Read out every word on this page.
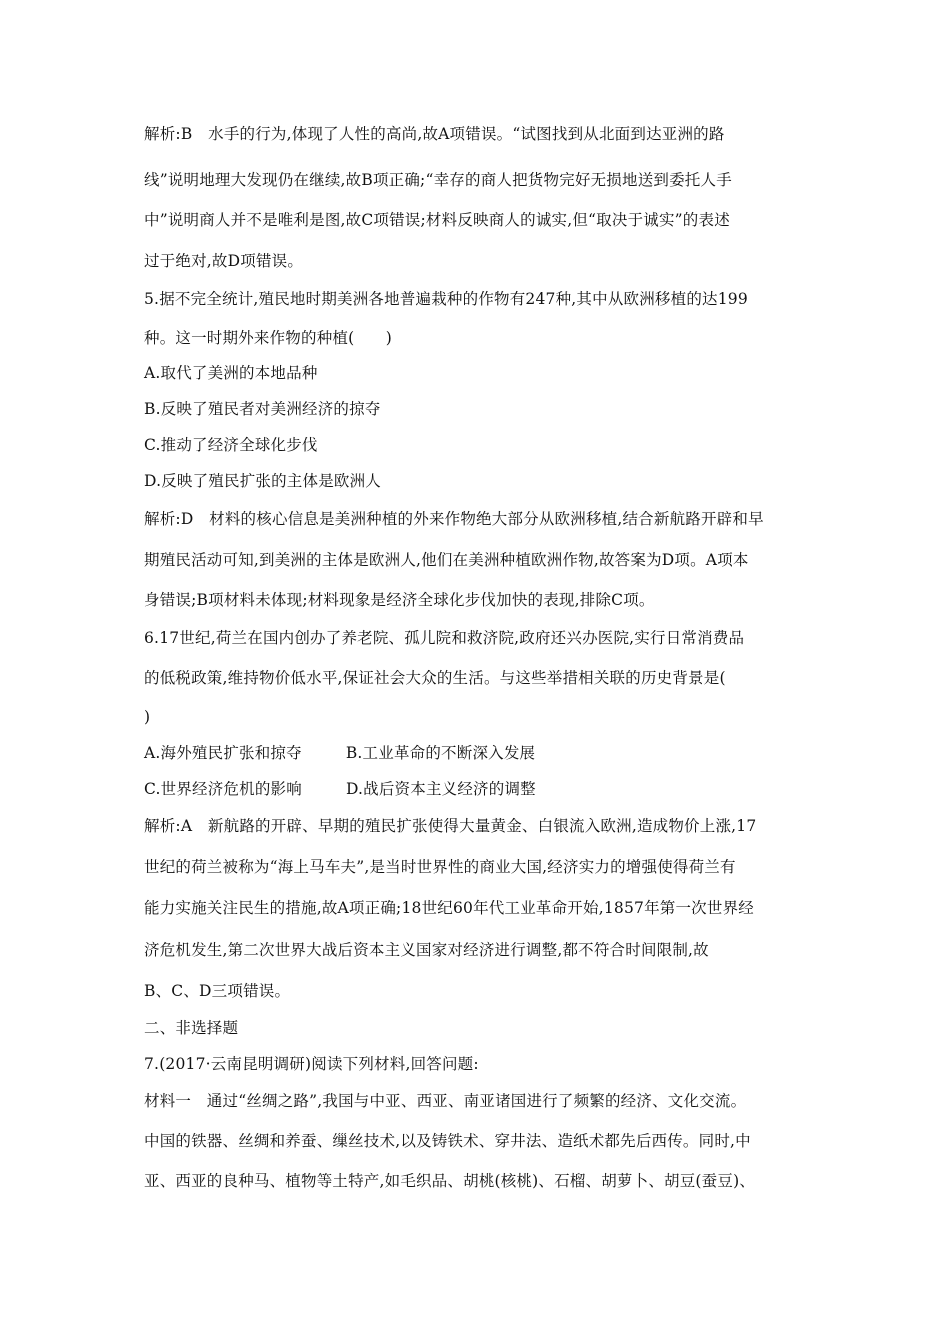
解析:B　水手的行为,体现了人性的高尚,故A项错误。“试图找到从北面到达亚洲的路
线”说明地理大发现仍在继续,故B项正确;“幸存的商人把货物完好无损地送到委托人手
中”说明商人并不是唯利是图,故C项错误;材料反映商人的诚实,但“取决于诚实”的表述
过于绝对,故D项错误。
5.据不完全统计,殖民地时期美洲各地普遍栽种的作物有247种,其中从欧洲移植的达199
种。这一时期外来作物的种植(　　)
A.取代了美洲的本地品种
B.反映了殖民者对美洲经济的掠夺
C.推动了经济全球化步伐
D.反映了殖民扩张的主体是欧洲人
解析:D　材料的核心信息是美洲种植的外来作物绝大部分从欧洲移植,结合新航路开辟和早
期殖民活动可知,到美洲的主体是欧洲人,他们在美洲种植欧洲作物,故答案为D项。A项本
身错误;B项材料未体现;材料现象是经济全球化步伐加快的表现,排除C项。
6.17世纪,荷兰在国内创办了养老院、孤儿院和救济院,政府还兴办医院,实行日常消费品
的低税政策,维持物价低水平,保证社会大众的生活。与这些举措相关联的历史背景是(
)
A.海外殖民扩张和掠夺	B.工业革命的不断深入发展
C.世界经济危机的影响	D.战后资本主义经济的调整
解析:A　新航路的开辟、早期的殖民扩张使得大量黄金、白银流入欧洲,造成物价上涨,17
世纪的荷兰被称为“海上马车夫”,是当时世界性的商业大国,经济实力的增强使得荷兰有
能力实施关注民生的措施,故A项正确;18世纪60年代工业革命开始,1857年第一次世界经
济危机发生,第二次世界大战后资本主义国家对经济进行调整,都不符合时间限制,故
B、C、D三项错误。
二、非选择题
7.(2017·云南昆明调研)阅读下列材料,回答问题:
材料一　通过“丝绸之路”,我国与中亚、西亚、南亚诸国进行了频繁的经济、文化交流。
中国的铁器、丝绸和养蚕、缫丝技术,以及铸铁术、穿井法、造纸术都先后西传。同时,中
亚、西亚的良种马、植物等土特产,如毛织品、胡桃(核桃)、石榴、胡萝卜、胡豆(蚕豆)、
